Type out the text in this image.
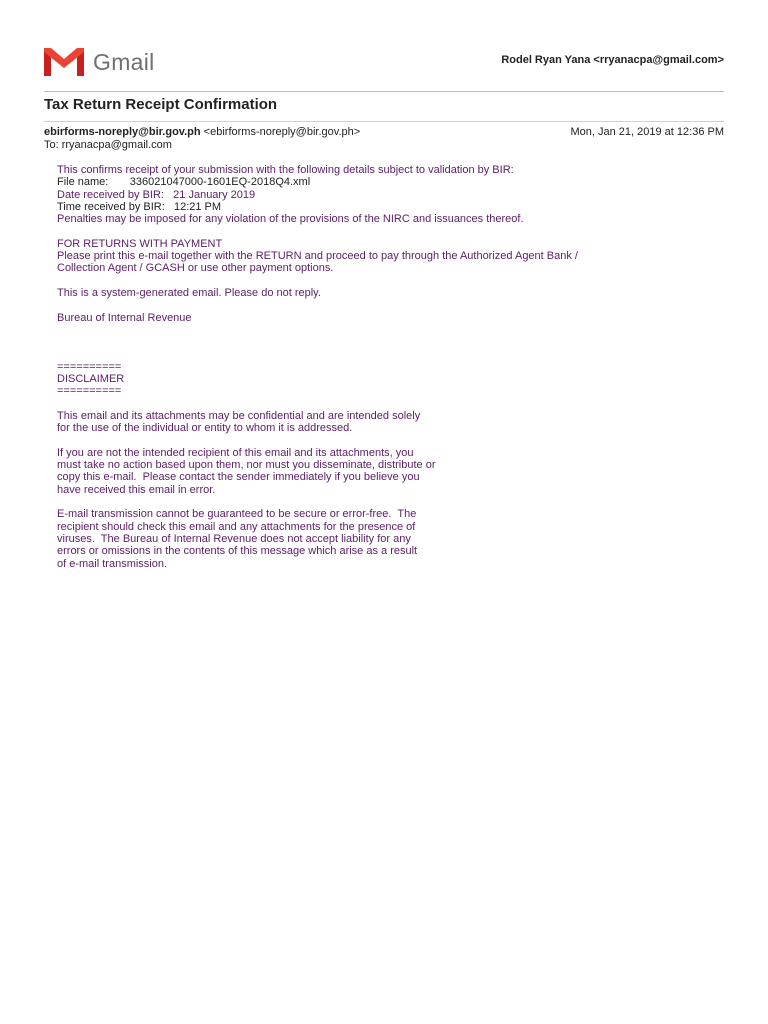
Gmail	Rodel Ryan Yana <rryanacpa@gmail.com>
Tax Return Receipt Confirmation
ebirforms-noreply@bir.gov.ph <ebirforms-noreply@bir.gov.ph>	Mon, Jan 21, 2019 at 12:36 PM
To: rryanacpa@gmail.com
This confirms receipt of your submission with the following details subject to validation by BIR:
File name:       336021047000-1601EQ-2018Q4.xml
Date received by BIR:   21 January 2019
Time received by BIR:   12:21 PM
Penalties may be imposed for any violation of the provisions of the NIRC and issuances thereof.
FOR RETURNS WITH PAYMENT
Please print this e-mail together with the RETURN and proceed to pay through the Authorized Agent Bank /
Collection Agent / GCASH or use other payment options.
This is a system-generated email. Please do not reply.
Bureau of Internal Revenue
==========
DISCLAIMER
==========
This email and its attachments may be confidential and are intended solely
for the use of the individual or entity to whom it is addressed.
If you are not the intended recipient of this email and its attachments, you
must take no action based upon them, nor must you disseminate, distribute or
copy this e-mail.  Please contact the sender immediately if you believe you
have received this email in error.
E-mail transmission cannot be guaranteed to be secure or error-free.  The
recipient should check this email and any attachments for the presence of
viruses.  The Bureau of Internal Revenue does not accept liability for any
errors or omissions in the contents of this message which arise as a result
of e-mail transmission.
